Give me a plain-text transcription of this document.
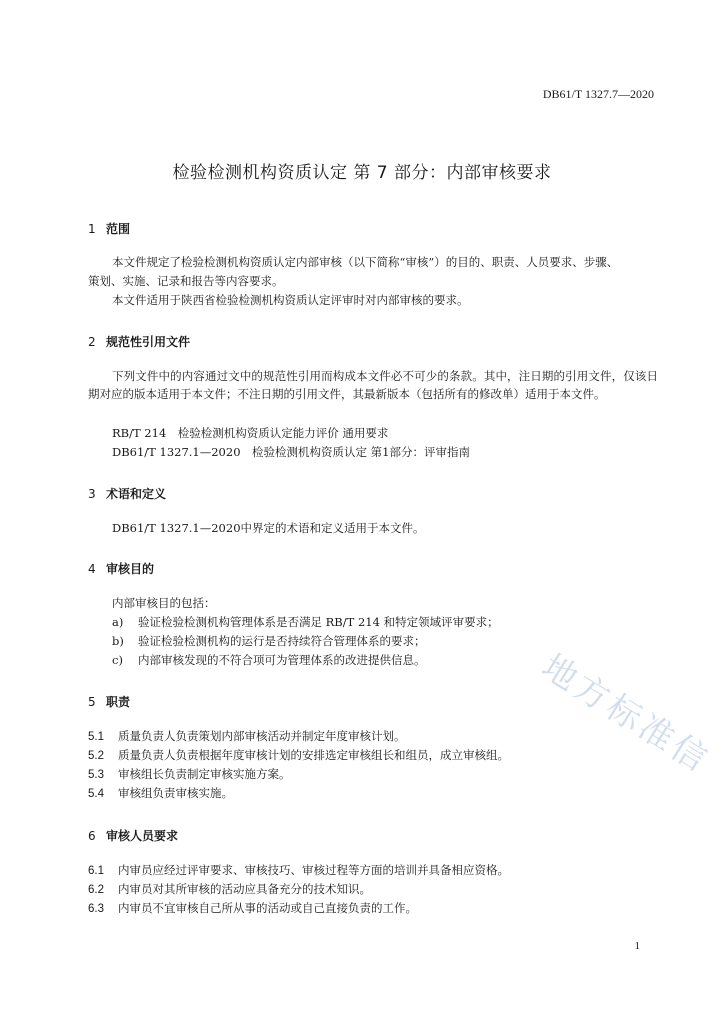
DB61/T 1327.7—2020
检验检测机构资质认定 第 7 部分：内部审核要求
1 范围
本文件规定了检验检测机构资质认定内部审核（以下简称“审核”）的目的、职责、人员要求、步骤、
策划、实施、记录和报告等内容要求。
本文件适用于陕西省检验检测机构资质认定评审时对内部审核的要求。
2 规范性引用文件
下列文件中的内容通过文中的规范性引用而构成本文件必不可少的条款。其中，注日期的引用文件，仅该日期对应的版本适用于本文件；不注日期的引用文件，其最新版本（包括所有的修改单）适用于本文件。
RB/T 214　检验检测机构资质认定能力评价 通用要求
DB61/T 1327.1—2020　检验检测机构资质认定 第1部分：评审指南
3 术语和定义
DB61/T 1327.1—2020中界定的术语和定义适用于本文件。
4 审核目的
内部审核目的包括：
a) 验证检验检测机构管理体系是否满足 RB/T 214 和特定领域评审要求；
b) 验证检验检测机构的运行是否持续符合管理体系的要求；
c) 内部审核发现的不符合项可为管理体系的改进提供信息。
5 职责
5.1 质量负责人负责策划内部审核活动并制定年度审核计划。
5.2 质量负责人负责根据年度审核计划的安排选定审核组长和组员，成立审核组。
5.3 审核组长负责制定审核实施方案。
5.4 审核组负责审核实施。
6 审核人员要求
6.1 内审员应经过评审要求、审核技巧、审核过程等方面的培训并具备相应资格。
6.2 内审员对其所审核的活动应具备充分的技术知识。
6.3 内审员不宜审核自己所从事的活动或自己直接负责的工作。
地方标准信
1
